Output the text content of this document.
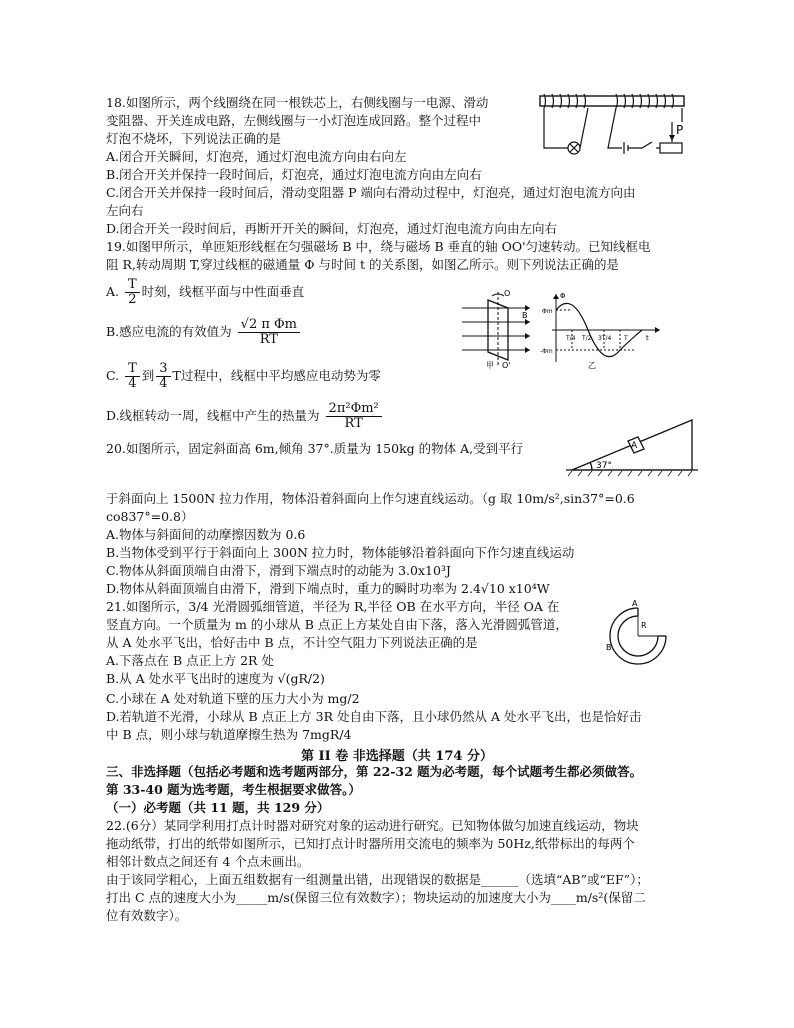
18.如图所示，两个线圈绕在同一根铁芯上，右侧线圈与一电源、滑动
变阻器、开关连成电路，左侧线圈与一小灯泡连成回路。整个过程中
灯泡不烧坏，下列说法正确的是
A.闭合开关瞬间，灯泡亮，通过灯泡电流方向由右向左
B.闭合开关并保持一段时间后，灯泡亮，通过灯泡电流方向由左向右
C.闭合开关并保持一段时间后，滑动变阻器 P 端向右滑动过程中，灯泡亮，通过灯泡电流方向由
左向右
D.闭合开关一段时间后，再断开开关的瞬间，灯泡亮，通过灯泡电流方向由左向右
P
19.如图甲所示，单匝矩形线框在匀强磁场 B 中，绕与磁场 B 垂直的轴 OO'匀速转动。已知线框电
阻 R,转动周期 T,穿过线框的磁通量 Φ 与时间 t 的关系图，如图乙所示。则下列说法正确的是
A. $\frac{T}{2}$ 时刻，线框平面与中性面垂直
B.感应电流的有效值为 $\frac{\text{√2 π Φm}}{RT}$
C. $\frac{T}{4}$ 到 $\frac{3}{4}$ T过程中，线框中平均感应电动势为零
D.线框转动一周，线框中产生的热量为 $\frac{\text{2π²Φm²}}{RT}$
O
O'
B
甲
Φ
Φm
-Φm
t
T/4 T/2 3T/4 T
乙
20.如图所示，固定斜面高 6m,倾角 37°.质量为 150kg 的物体 A,受到平行	A
37°
于斜面向上 1500N 拉力作用，物体沿着斜面向上作匀速直线运动。（g 取 10m/s²,sin37°=0.6
co837°=0.8）
A.物体与斜面间的动摩擦因数为 0.6
B.当物体受到平行于斜面向上 300N 拉力时，物体能够沿着斜面向下作匀速直线运动
C.物体从斜面顶端自由滑下，滑到下端点时的动能为 3.0x10³J
D.物体从斜面顶端自由滑下，滑到下端点时，重力的瞬时功率为 2.4√10 x10⁴W
21.如图所示，3/4 光滑圆弧细管道，半径为 R,半径 OB 在水平方向，半径 OA 在
竖直方向。一个质量为 m 的小球从 B 点正上方某处自由下落，落入光滑圆弧管道，
从 A 处水平飞出，恰好击中 B 点，不计空气阻力下列说法正确的是
A.下落点在 B 点正上方 2R 处
B.从 A 处水平飞出时的速度为 √(gR/2)
C.小球在 A 处对轨道下壁的压力大小为 mg/2
D.若轨道不光滑，小球从 B 点正上方 3R 处自由下落，且小球仍然从 A 处水平飞出，也是恰好击
中 B 点，则小球与轨道摩擦生热为 7mgR/4
A
R
B
第 II 卷 非选择题（共 174 分）
三、非选择题（包括必考题和选考题两部分，第 22-32 题为必考题，每个试题考生都必须做答。
第 33-40 题为选考题，考生根据要求做答。）
（一）必考题（共 11 题，共 129 分）
22.(6分）某同学利用打点计时器对研究对象的运动进行研究。已知物体做匀加速直线运动，物块
拖动纸带，打出的纸带如图所示，已知打点计时器所用交流电的频率为 50Hz,纸带标出的每两个
相邻计数点之间还有 4 个点未画出。
由于该同学粗心，上面五组数据有一组测量出错，出现错误的数据是______（选填“AB”或“EF”）；
打出 C 点的速度大小为_____m/s(保留三位有效数字）；物块运动的加速度大小为____m/s²(保留二
位有效数字）。
